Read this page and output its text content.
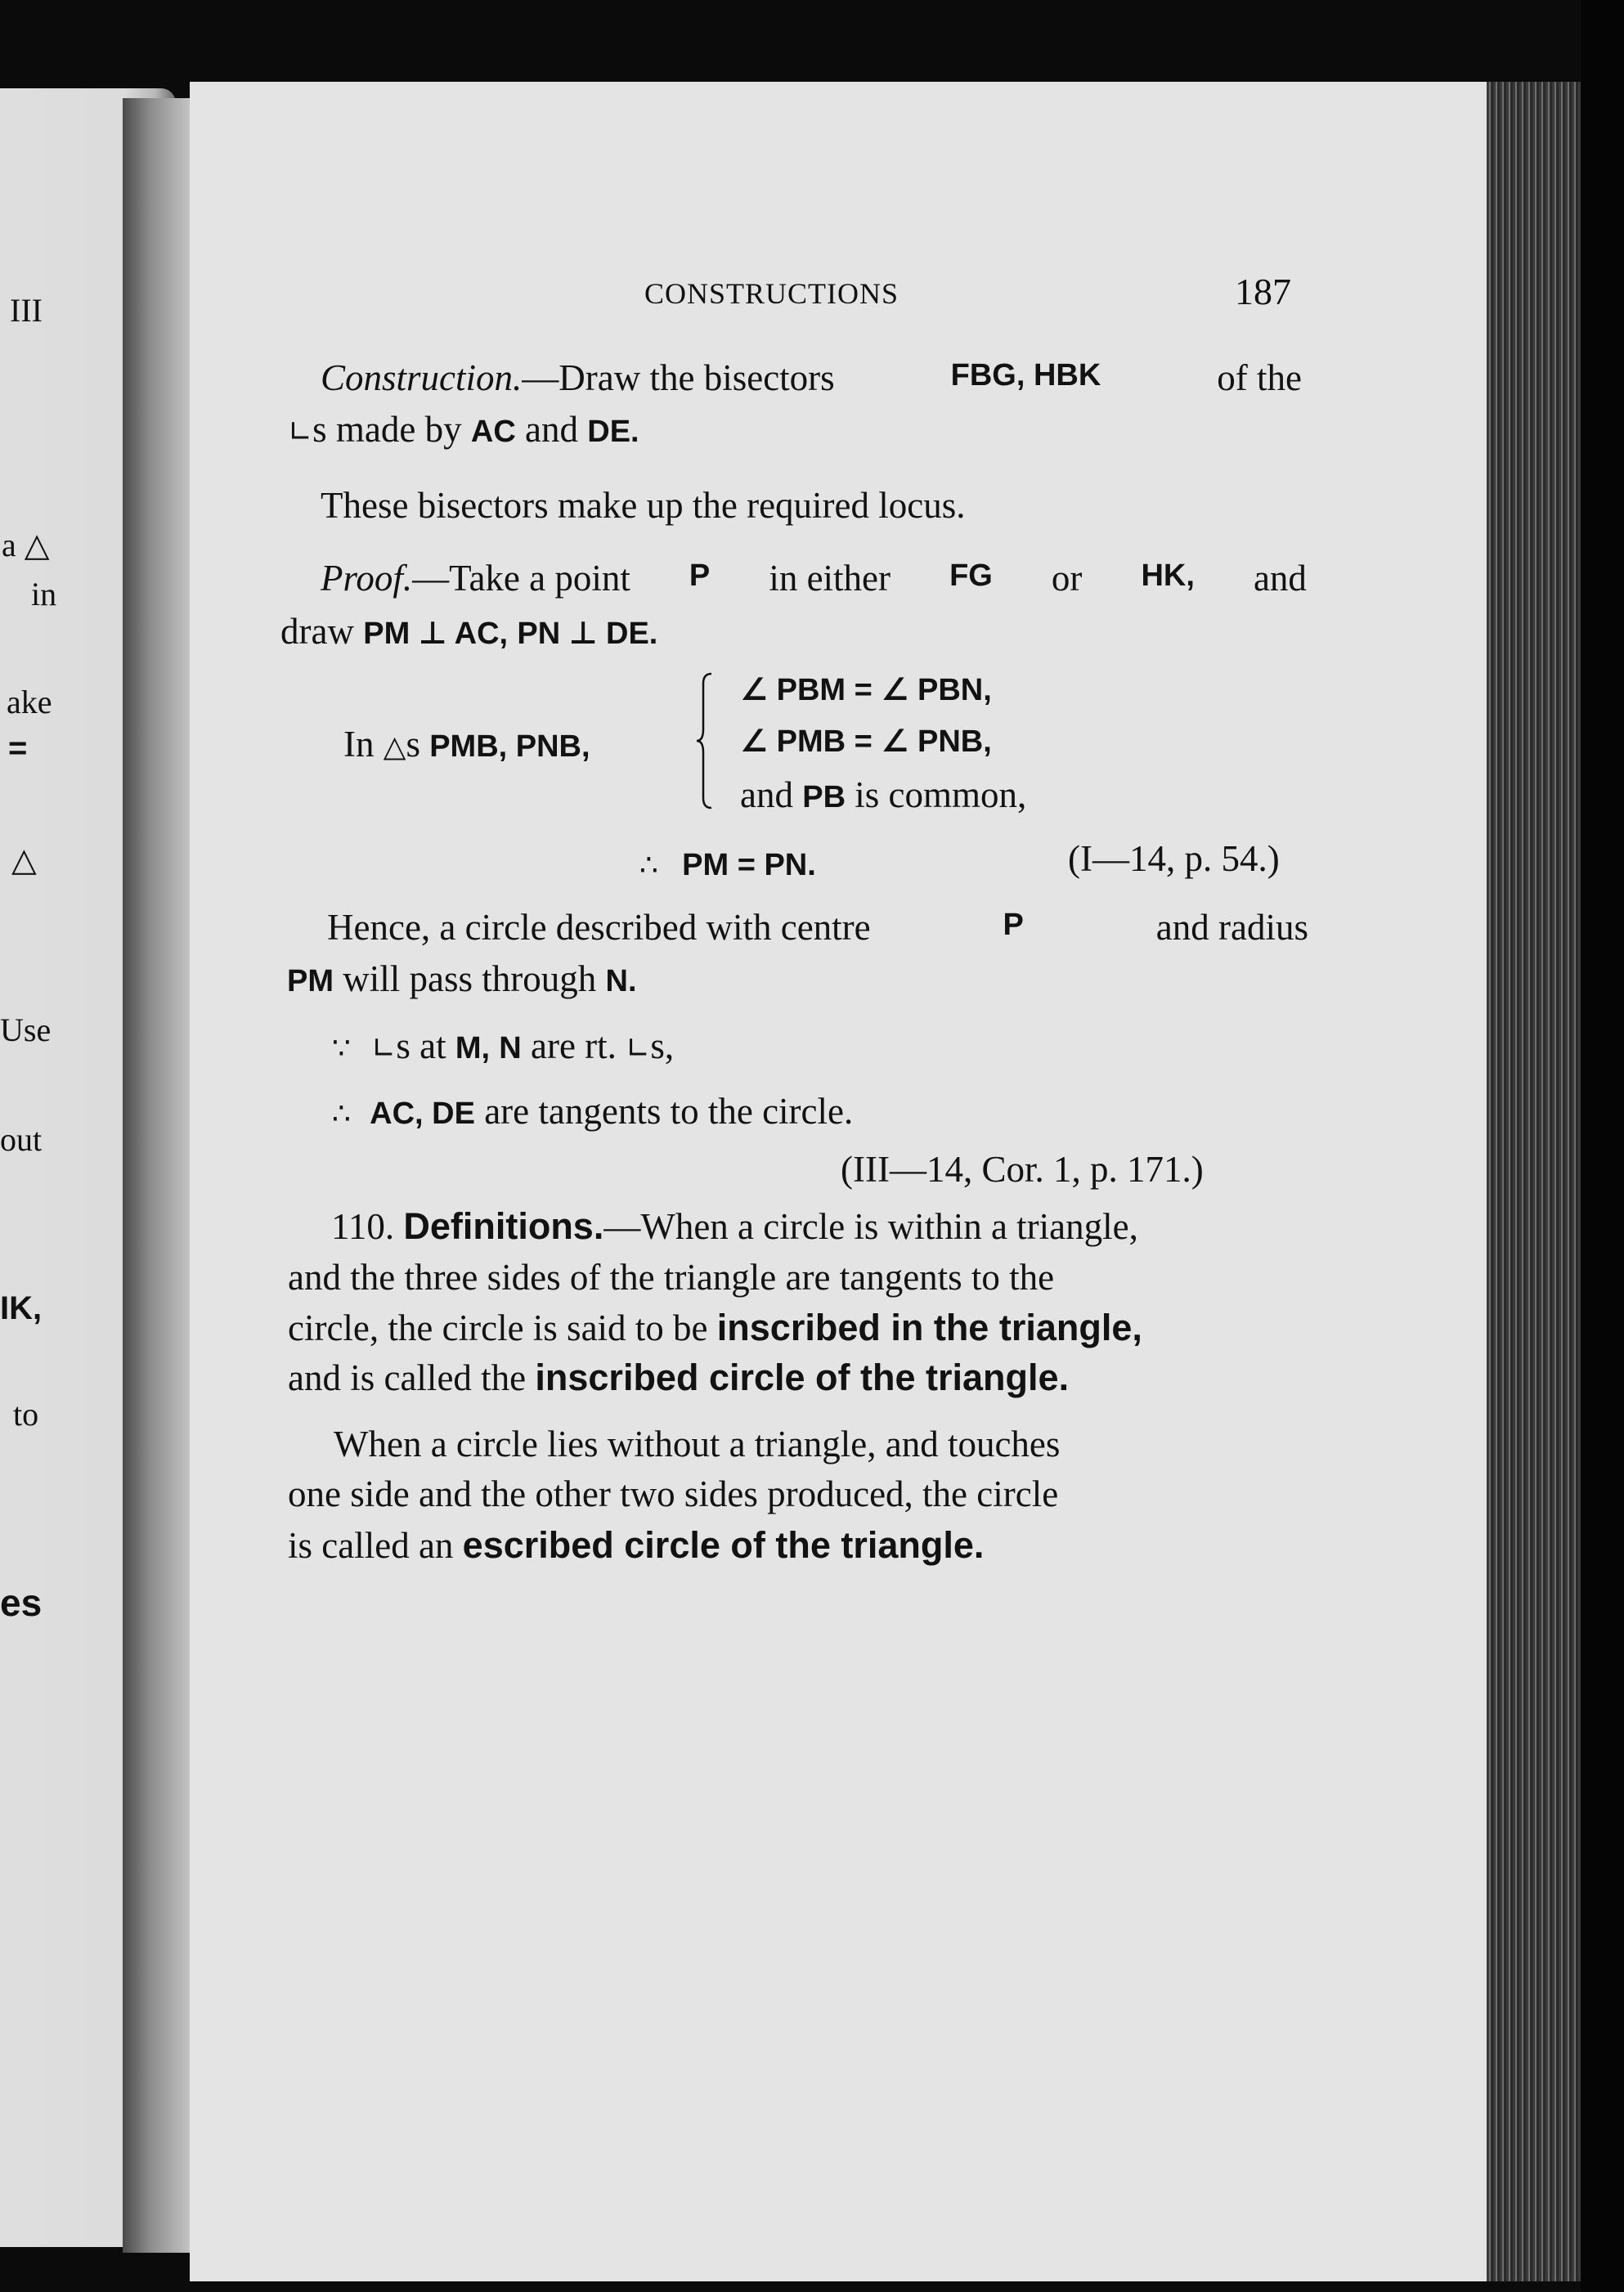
III
a △
in
ake
=
△
Use
out
IK,
to
es
CONSTRUCTIONS	187
Construction.—Draw the bisectors	FBG, HBK	of the
∟s made by AC and DE.
These bisectors make up the required locus.
Proof.—Take a point P in either FG or HK, and
draw PM ⊥ AC, PN ⊥ DE.
In △s PMB, PNB,
∠ PBM = ∠ PBN,
∠ PMB = ∠ PNB,
and PB is common,
∴ PM = PN.	(I—14, p. 54.)
Hence, a circle described with centre	P	and radius
PM will pass through N.
∵ ∟s at M, N are rt. ∟s,
∴ AC, DE are tangents to the circle.
(III—14, Cor. 1, p. 171.)
110. Definitions.—When a circle is within a triangle,
and the three sides of the triangle are tangents to the
circle, the circle is said to be inscribed in the triangle,
and is called the inscribed circle of the triangle.
When a circle lies without a triangle, and touches
one side and the other two sides produced, the circle
is called an escribed circle of the triangle.
